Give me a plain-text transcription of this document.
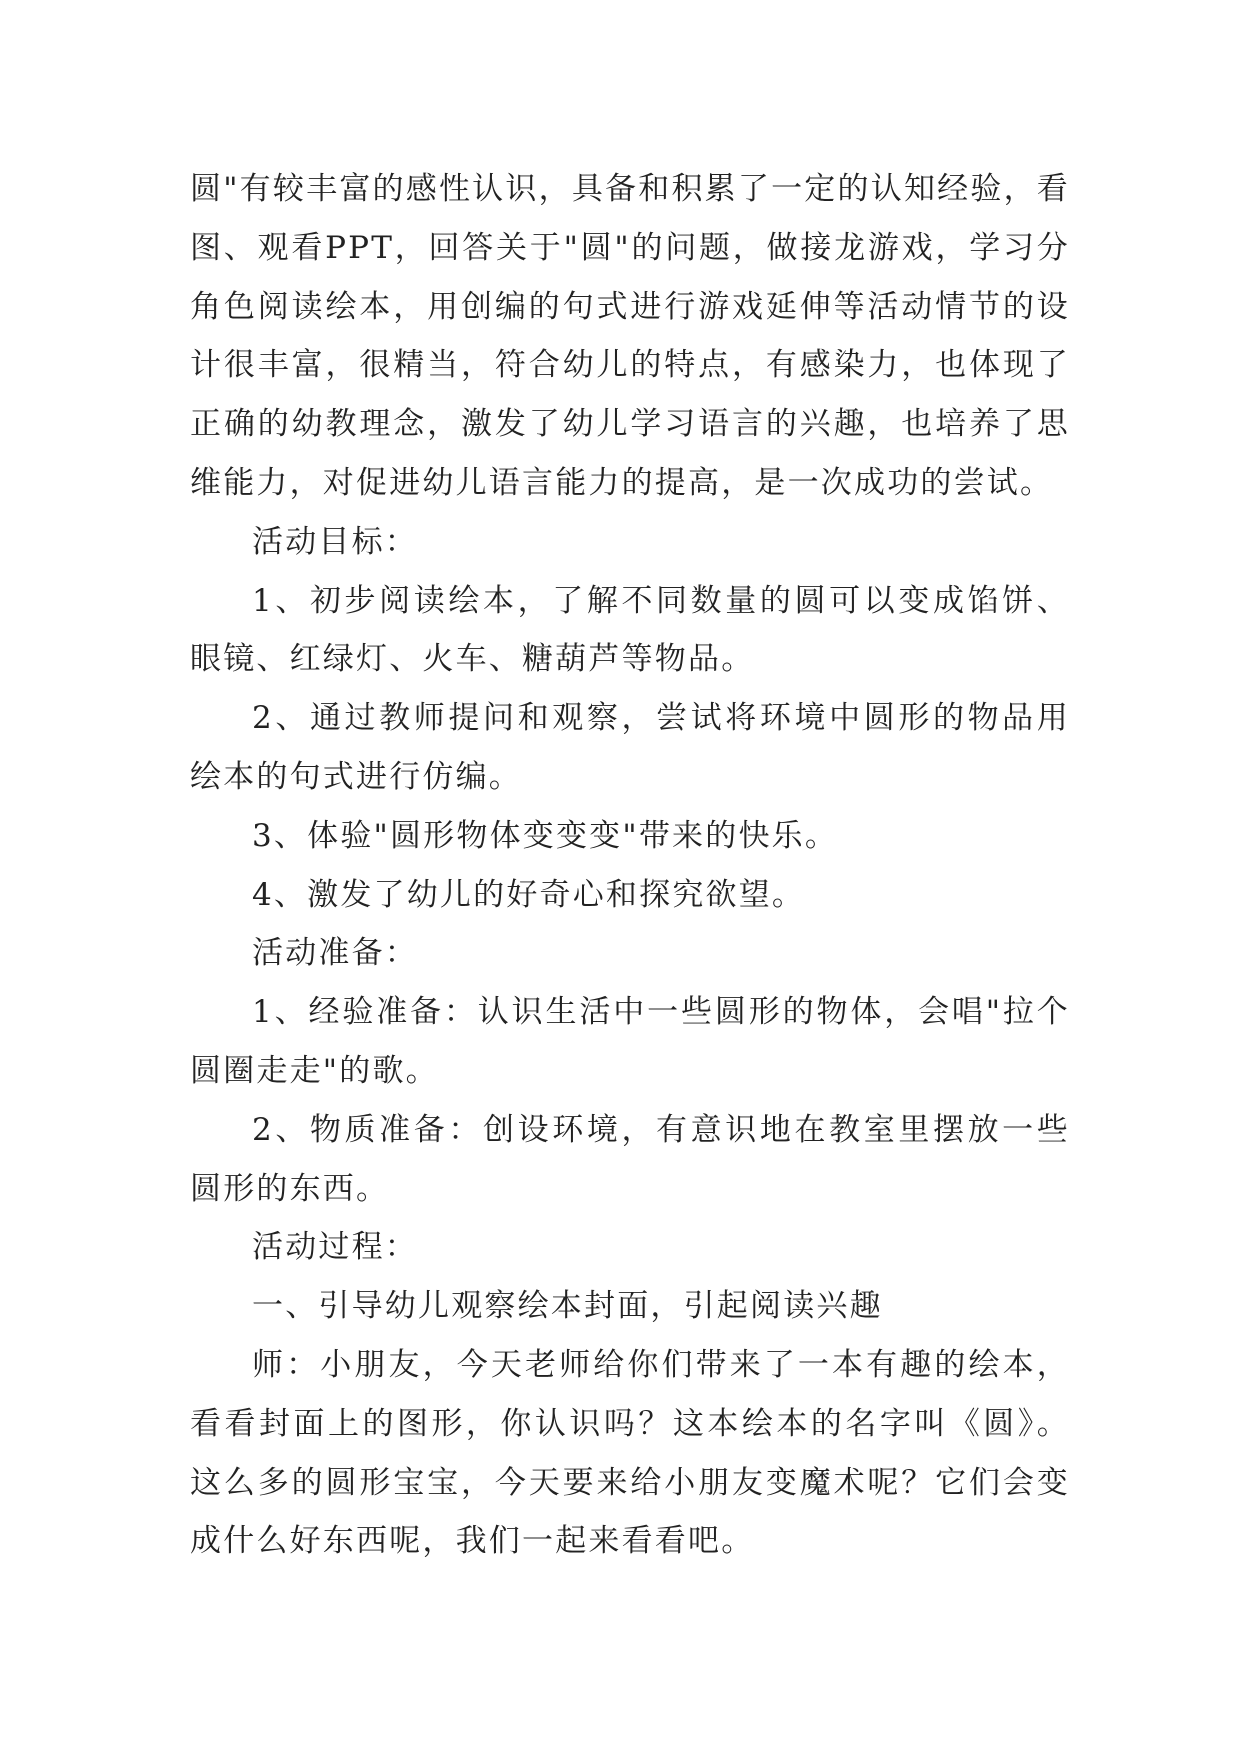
圆"有较丰富的感性认识，具备和积累了一定的认知经验，看图、观看PPT，回答关于"圆"的问题，做接龙游戏，学习分角色阅读绘本，用创编的句式进行游戏延伸等活动情节的设计很丰富，很精当，符合幼儿的特点，有感染力，也体现了正确的幼教理念，激发了幼儿学习语言的兴趣，也培养了思维能力，对促进幼儿语言能力的提高，是一次成功的尝试。

活动目标：

1、初步阅读绘本，了解不同数量的圆可以变成馅饼、眼镜、红绿灯、火车、糖葫芦等物品。

2、通过教师提问和观察，尝试将环境中圆形的物品用绘本的句式进行仿编。

3、体验"圆形物体变变变"带来的快乐。

4、激发了幼儿的好奇心和探究欲望。

活动准备：

1、经验准备：认识生活中一些圆形的物体，会唱"拉个圆圈走走"的歌。

2、物质准备：创设环境，有意识地在教室里摆放一些圆形的东西。

活动过程：

一、引导幼儿观察绘本封面，引起阅读兴趣

师：小朋友，今天老师给你们带来了一本有趣的绘本，看看封面上的图形，你认识吗？这本绘本的名字叫《圆》。这么多的圆形宝宝，今天要来给小朋友变魔术呢？它们会变成什么好东西呢，我们一起来看看吧。
